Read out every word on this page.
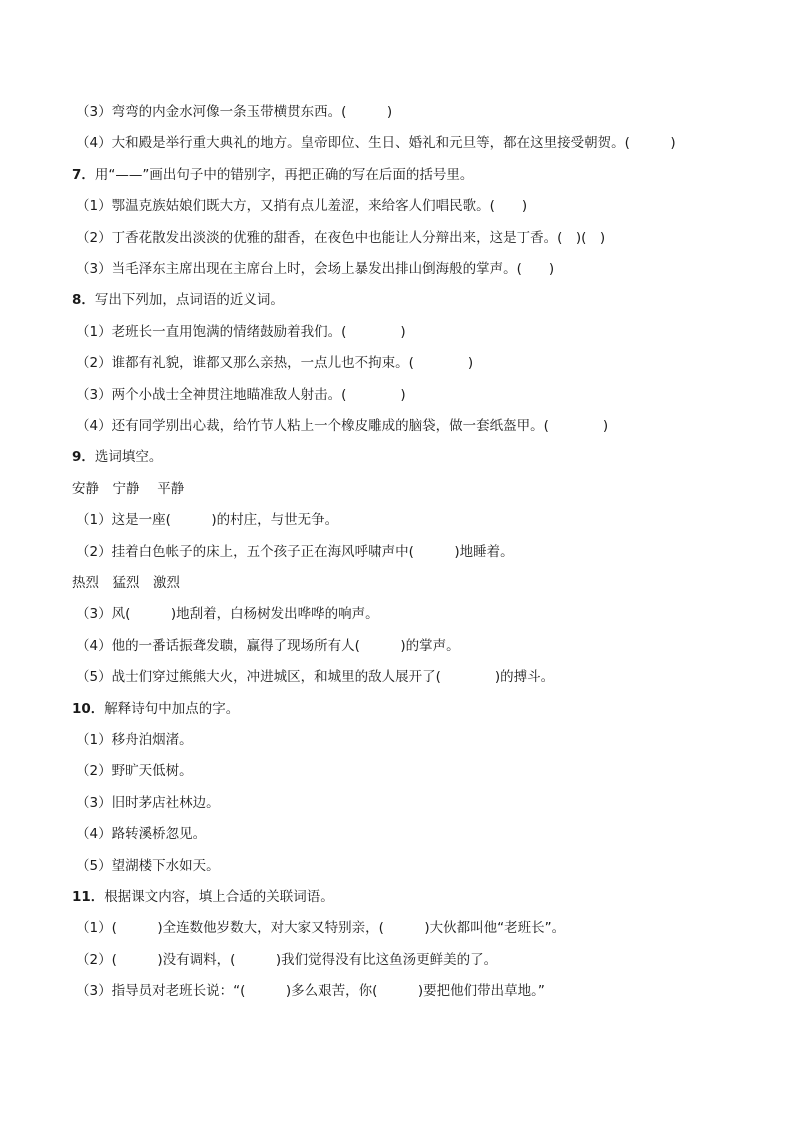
（3）弯弯的内金水河像一条玉带横贯东西。(　　　)
（4）大和殿是举行重大典礼的地方。皇帝即位、生日、婚礼和元旦等，都在这里接受朝贺。(　　　)
7．用“——”画出句子中的错别字，再把正确的写在后面的括号里。
（1）鄂温克族姑娘们既大方，又捎有点儿羞涩，来给客人们唱民歌。(　　)
（2）丁香花散发出淡淡的优雅的甜香，在夜色中也能让人分辩出来，这是丁香。(　)(　)
（3）当毛泽东主席出现在主席台上时，会场上暴发出排山倒海般的掌声。(　　)
8．写出下列加，点词语的近义词。
（1）老班长一直用饱满的情绪鼓励着我们。(　　　　)
（2）谁都有礼貌，谁都又那么亲热，一点儿也不拘束。(　　　　)
（3）两个小战士全神贯注地瞄准敌人射击。(　　　　)
（4）还有同学别出心裁，给竹节人粘上一个橡皮雕成的脑袋，做一套纸盔甲。(　　　　)
9．选词填空。
安静　宁静　 平静
（1）这是一座(　　　)的村庄，与世无争。
（2）挂着白色帐子的床上，五个孩子正在海风呼啸声中(　　　)地睡着。
热烈　猛烈　激烈
（3）风(　　　)地刮着，白杨树发出哗哗的响声。
（4）他的一番话振聋发聩，赢得了现场所有人(　　　)的掌声。
（5）战士们穿过熊熊大火，冲进城区，和城里的敌人展开了(　　　　)的搏斗。
10．解释诗句中加点的字。
（1）移舟泊烟渚。
（2）野旷天低树。
（3）旧时茅店社林边。
（4）路转溪桥忽见。
（5）望湖楼下水如天。
11．根据课文内容，填上合适的关联词语。
（1）(　　　)全连数他岁数大，对大家又特别亲，(　　　)大伙都叫他“老班长”。
（2）(　　　)没有调料，(　　　)我们觉得没有比这鱼汤更鲜美的了。
（3）指导员对老班长说：“(　　　)多么艰苦，你(　　　)要把他们带出草地。”
